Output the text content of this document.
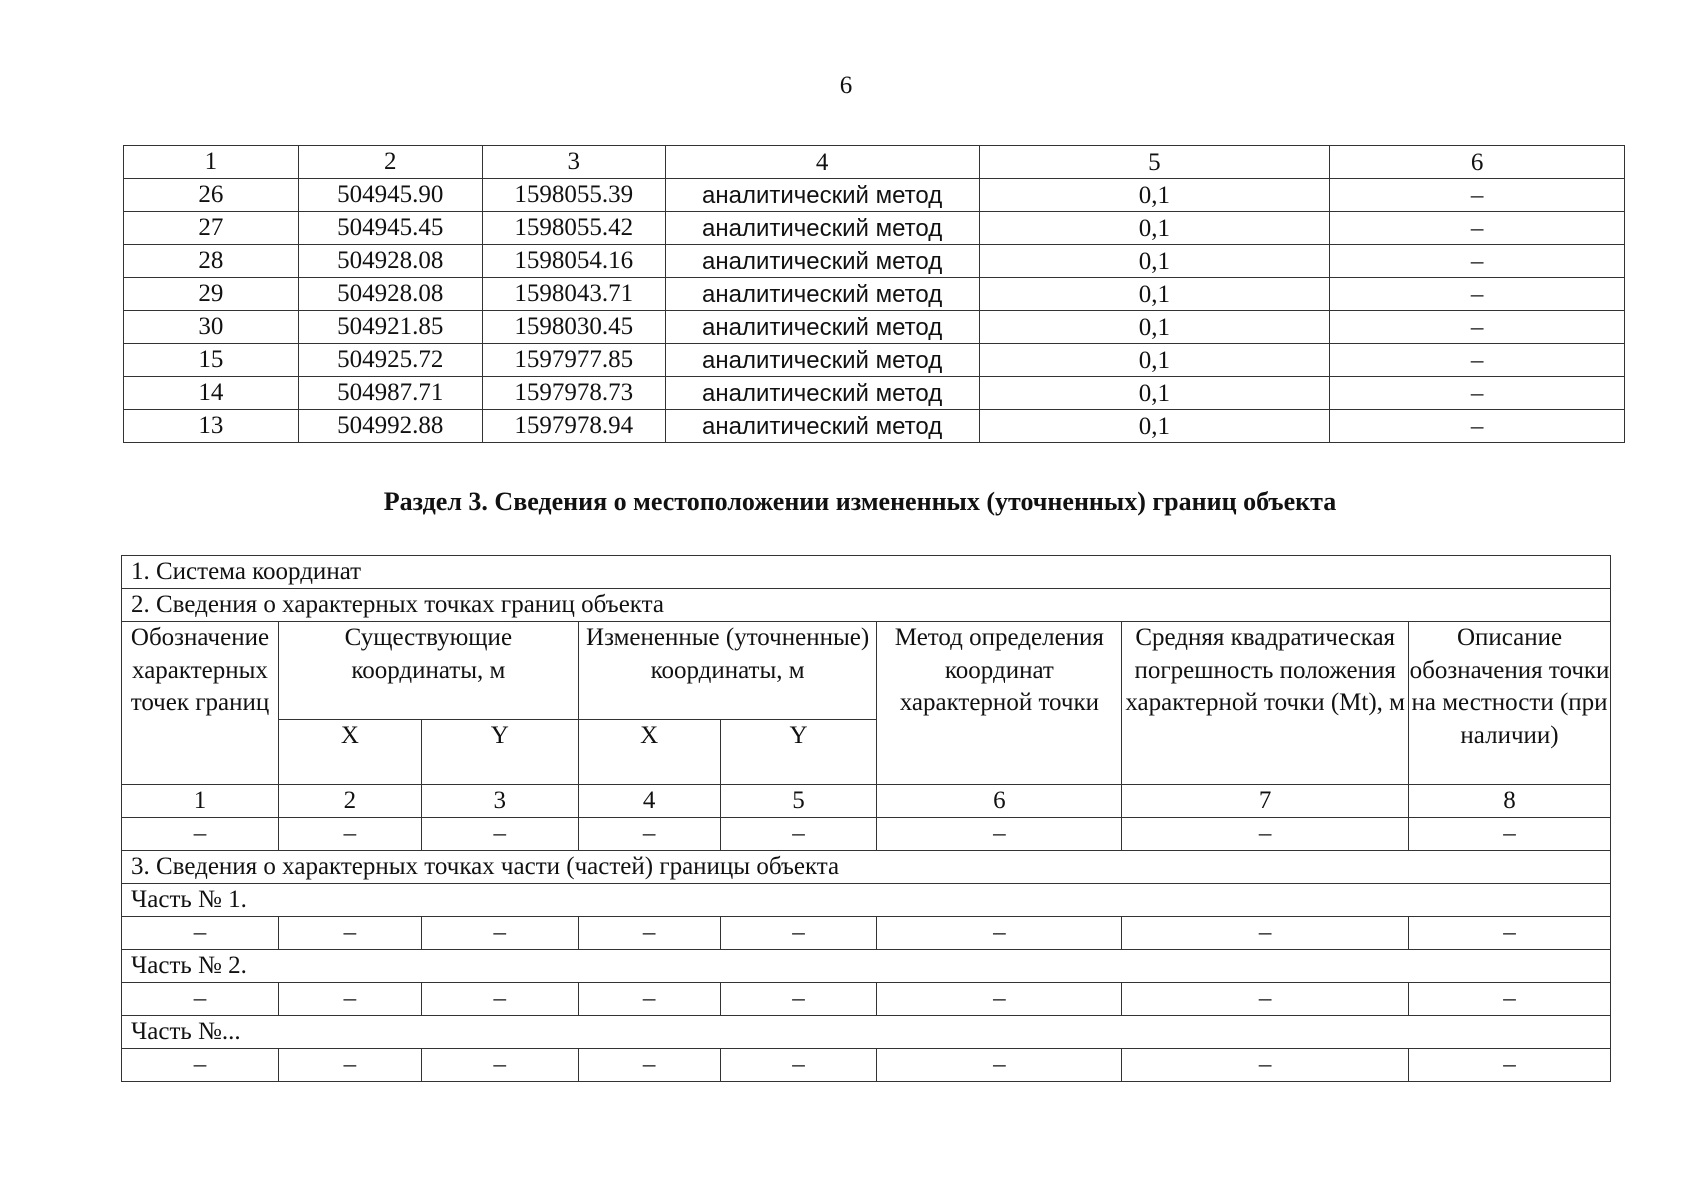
6
1	2	3	4	5	6
26	504945.90	1598055.39	аналитический метод	0,1	–
27	504945.45	1598055.42	аналитический метод	0,1	–
28	504928.08	1598054.16	аналитический метод	0,1	–
29	504928.08	1598043.71	аналитический метод	0,1	–
30	504921.85	1598030.45	аналитический метод	0,1	–
15	504925.72	1597977.85	аналитический метод	0,1	–
14	504987.71	1597978.73	аналитический метод	0,1	–
13	504992.88	1597978.94	аналитический метод	0,1	–
Раздел 3. Сведения о местоположении измененных (уточненных) границ объекта
1. Система координат							
2. Сведения о характерных точках границ объекта							
Обозначение характерных точек границ	Существующие координаты, м		Измененные (уточненные) координаты, м		Метод определения координат характерной точки	Средняя квадратическая погрешность положения характерной точки (Mt), м	Описание обозначения точки на местности (при наличии)
	X	Y	X	Y			
1	2	3	4	5	6	7	8
–	–	–	–	–	–	–	–
3. Сведения о характерных точках части (частей) границы объекта							
Часть № 1.							
–	–	–	–	–	–	–	–
Часть № 2.							
–	–	–	–	–	–	–	–
Часть №...							
–	–	–	–	–	–	–	–
